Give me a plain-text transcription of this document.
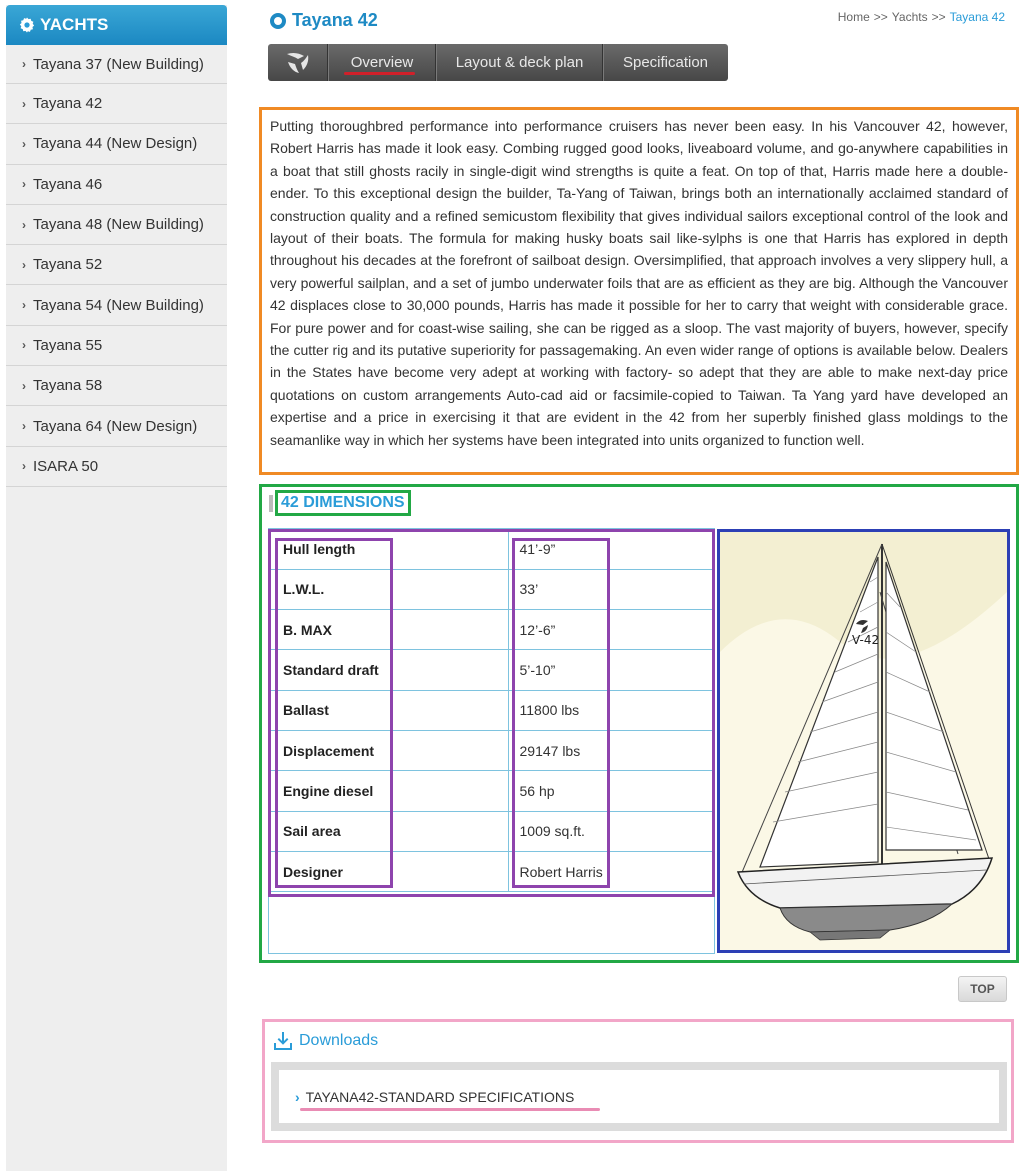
YACHTS
› Tayana 37 (New Building)
› Tayana 42
› Tayana 44 (New Design)
› Tayana 46
› Tayana 48 (New Building)
› Tayana 52
› Tayana 54 (New Building)
› Tayana 55
› Tayana 58
› Tayana 64 (New Design)
› ISARA 50
Tayana 42	Home >> Yachts >> Tayana 42
Overview	Layout & deck plan	Specification

Putting thoroughbred performance into performance cruisers has never been easy. In his Vancouver 42, however, Robert Harris has made it look easy. Combing rugged good looks, liveaboard volume, and go-anywhere capabilities in a boat that still ghosts racily in single-digit wind strengths is quite a feat. On top of that, Harris made here a double-ender. To this exceptional design the builder, Ta-Yang of Taiwan, brings both an internationally acclaimed standard of construction quality and a refined semicustom flexibility that gives individual sailors exceptional control of the look and layout of their boats. The formula for making husky boats sail like-sylphs is one that Harris has explored in depth throughout his decades at the forefront of sailboat design. Oversimplified, that approach involves a very slippery hull, a very powerful sailplan, and a set of jumbo underwater foils that are as efficient as they are big. Although the Vancouver 42 displaces close to 30,000 pounds, Harris has made it possible for her to carry that weight with considerable grace. For pure power and for coast-wise sailing, she can be rigged as a sloop. The vast majority of buyers, however, specify the cutter rig and its putative superiority for passagemaking. An even wider range of options is available below. Dealers in the States have become very adept at working with factory- so adept that they are able to make next-day price quotations on custom arrangements Auto-cad aid or facsimile-copied to Taiwan. Ta Yang yard have developed an expertise and a price in exercising it that are evident in the 42 from her superbly finished glass moldings to the seamanlike way in which her systems have been integrated into units organized to function well.

42 DIMENSIONS
Hull length	41’-9”
L.W.L.	33’
B. MAX	12’-6”
Standard draft	5’-10”
Ballast	11800 lbs
Displacement	29147 lbs
Engine diesel	56 hp
Sail area	1009 sq.ft.
Designer	Robert Harris
V-42
TOP
Downloads
› TAYANA42-STANDARD SPECIFICATIONS
